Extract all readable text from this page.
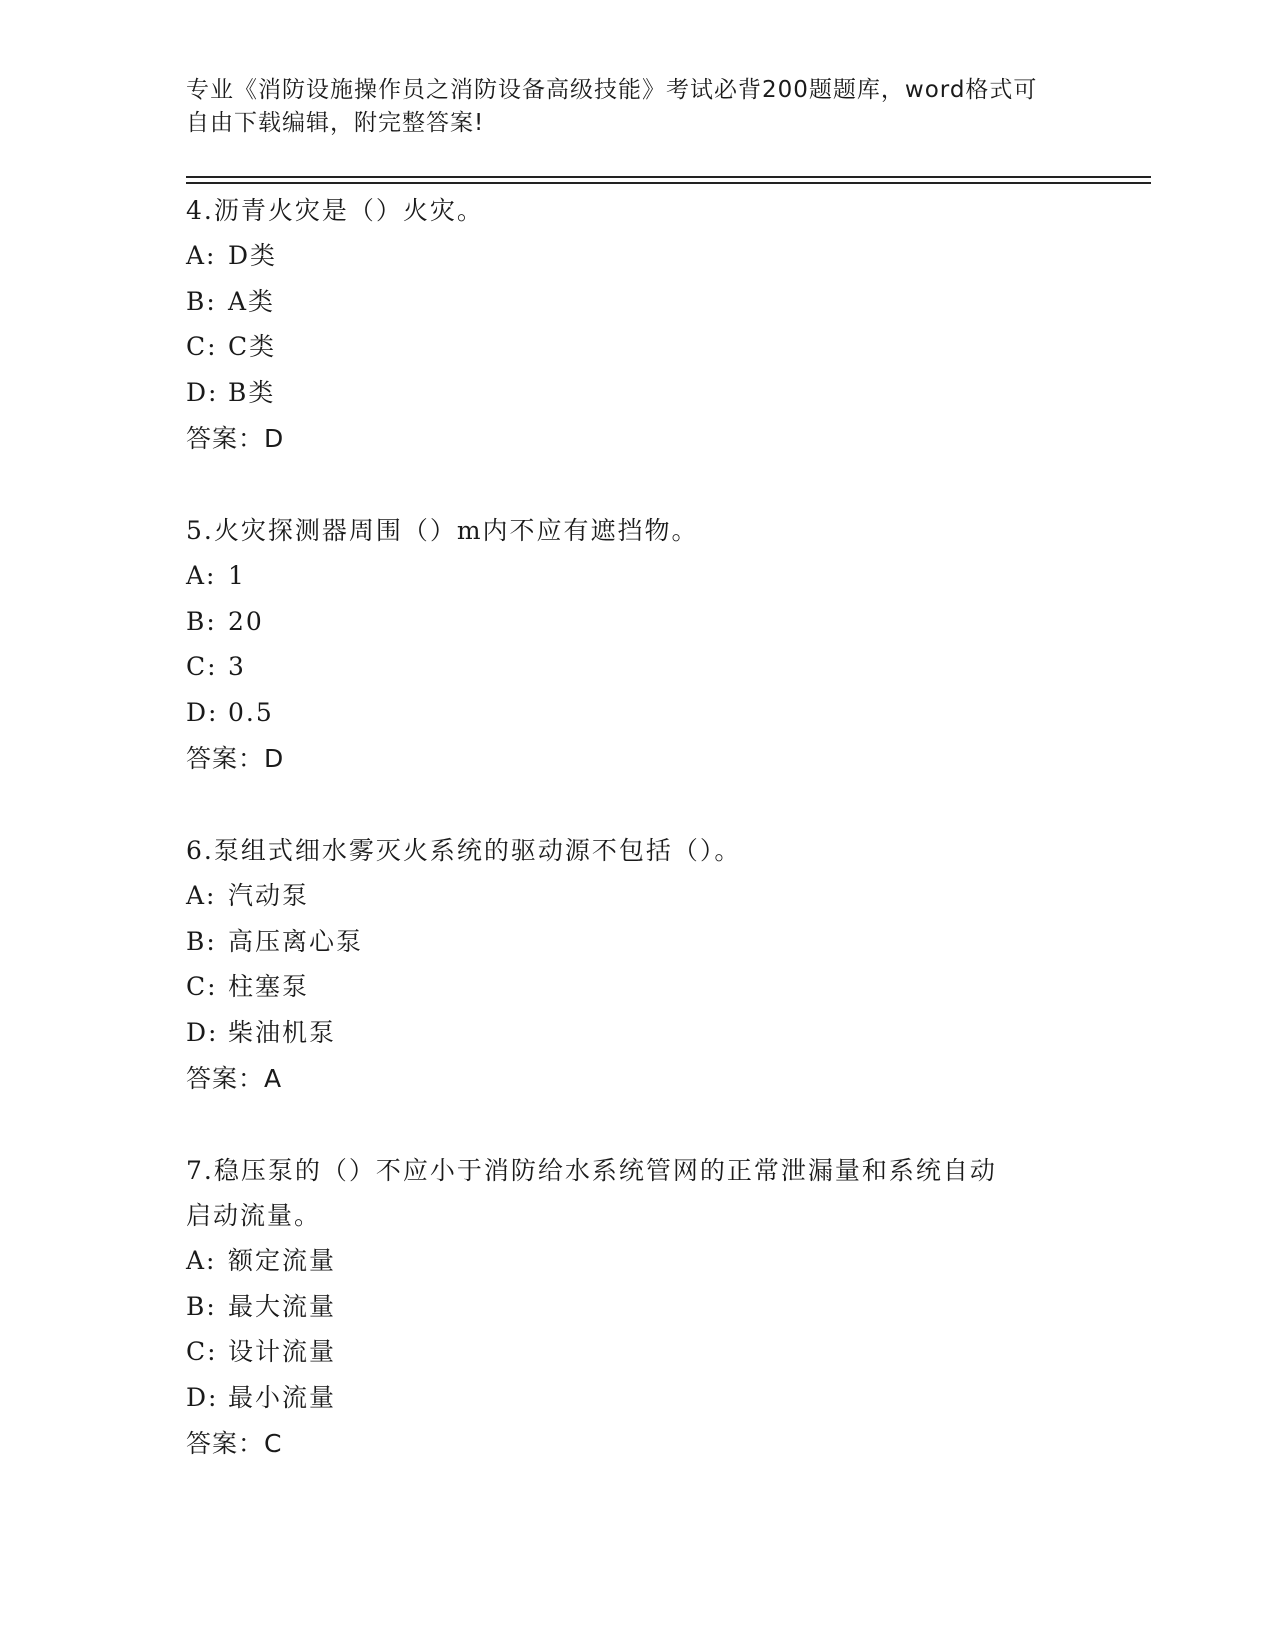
专业《消防设施操作员之消防设备高级技能》考试必背200题题库，word格式可
自由下载编辑，附完整答案!
4.沥青火灾是（）火灾。
A: D类
B: A类
C: C类
D: B类
答案：D
5.火灾探测器周围（）m内不应有遮挡物。
A: 1
B: 20
C: 3
D: 0.5
答案：D
6.泵组式细水雾灭火系统的驱动源不包括（）。
A: 汽动泵
B: 高压离心泵
C: 柱塞泵
D: 柴油机泵
答案：A
7.稳压泵的（）不应小于消防给水系统管网的正常泄漏量和系统自动
启动流量。
A: 额定流量
B: 最大流量
C: 设计流量
D: 最小流量
答案：C
